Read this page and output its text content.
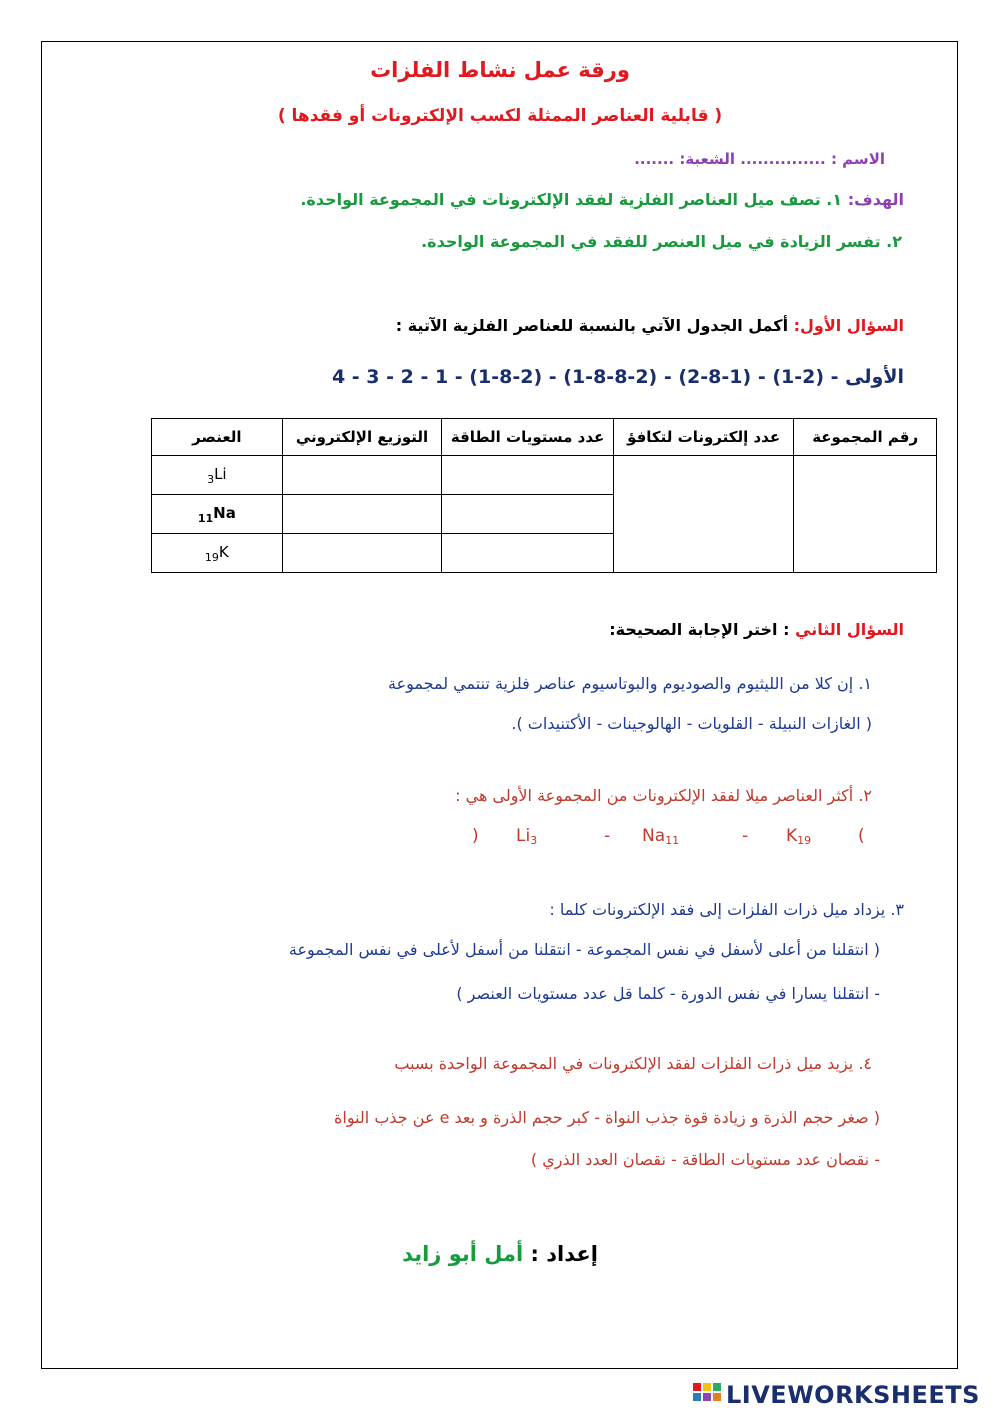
ورقة عمل نشاط الفلزات
( قابلية العناصر الممثلة لكسب الإلكترونات أو فقدها )
الاسم : ............... الشعبة: .......
الهدف: ١. تصف ميل العناصر الفلزية لفقد الإلكترونات في المجموعة الواحدة.
٢. تفسر الزيادة في ميل العنصر للفقد في المجموعة الواحدة.
السؤال الأول: أكمل الجدول الآتي بالنسبة للعناصر الفلزية الآتية :
4 - 3 - 2 - 1 - الأولى - (2-1) - (1-8-2) - (2-8-8-1) - (2-8-1)
رقم المجموعة	عدد إلكترونات لتكافؤ	عدد مستويات الطاقة	التوزيع الإلكتروني	العنصر
				$_3$Li
				$_{11}$Na
				$_{19}$K
السؤال الثاني : اختر الإجابة الصحيحة:
١. إن كلا من الليثيوم والصوديوم والبوتاسيوم عناصر فلزية تنتمي لمجموعة
( الغازات النبيلة - القلويات - الهالوجينات - الأكتنيدات ).
٢. أكثر العناصر ميلا لفقد الإلكترونات من المجموعة الأولى هي :
) $Li_3$	- $Na_{11}$	- $K_{19}$	(
٣. يزداد ميل ذرات الفلزات إلى فقد الإلكترونات كلما :
( انتقلنا من أعلى لأسفل في نفس المجموعة - انتقلنا من أسفل لأعلى في نفس المجموعة
- انتقلنا يسارا في نفس الدورة - كلما قل عدد مستويات العنصر )
٤. يزيد ميل ذرات الفلزات لفقد الإلكترونات في المجموعة الواحدة بسبب
( صغر حجم الذرة و زيادة قوة جذب النواة - كبر حجم الذرة و بعد e عن جذب النواة
- نقصان عدد مستويات الطاقة - نقصان العدد الذري )
إعداد : أمل أبو زايد
LIVEWORKSHEETS
